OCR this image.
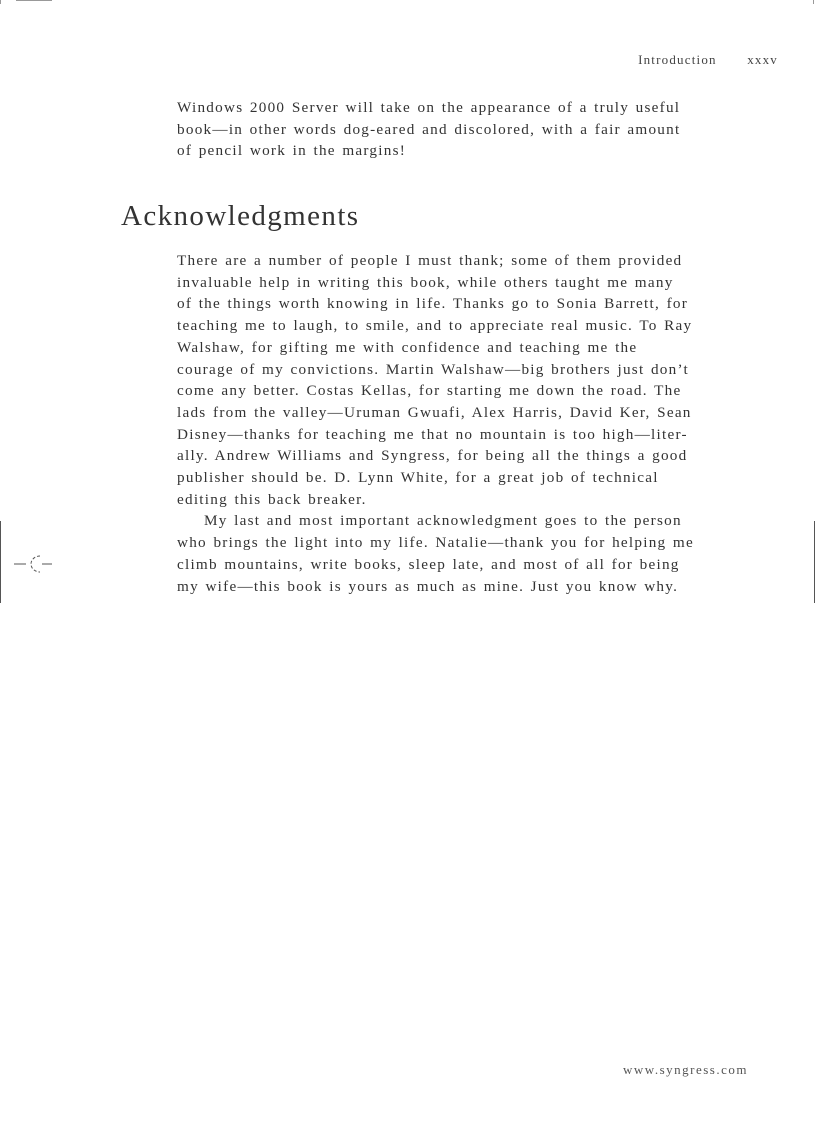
Introduction xxxv

Windows 2000 Server will take on the appearance of a truly useful

book—in other words dog-eared and discolored, with a fair amount

of pencil work in the margins!

Acknowledgments

There are a number of people I must thank; some of them provided

invaluable help in writing this book, while others taught me many

of the things worth knowing in life. Thanks go to Sonia Barrett, for

teaching me to laugh, to smile, and to appreciate real music. To Ray

Walshaw, for gifting me with confidence and teaching me the

courage of my convictions. Martin Walshaw—big brothers just don’t

come any better. Costas Kellas, for starting me down the road. The

lads from the valley—Uruman Gwuafi, Alex Harris, David Ker, Sean

Disney—thanks for teaching me that no mountain is too high—liter-

ally. Andrew Williams and Syngress, for being all the things a good

publisher should be. D. Lynn White, for a great job of technical

editing this back breaker.

My last and most important acknowledgment goes to the person

who brings the light into my life. Natalie—thank you for helping me

climb mountains, write books, sleep late, and most of all for being

my wife—this book is yours as much as mine. Just you know why.

www.syngress.com
